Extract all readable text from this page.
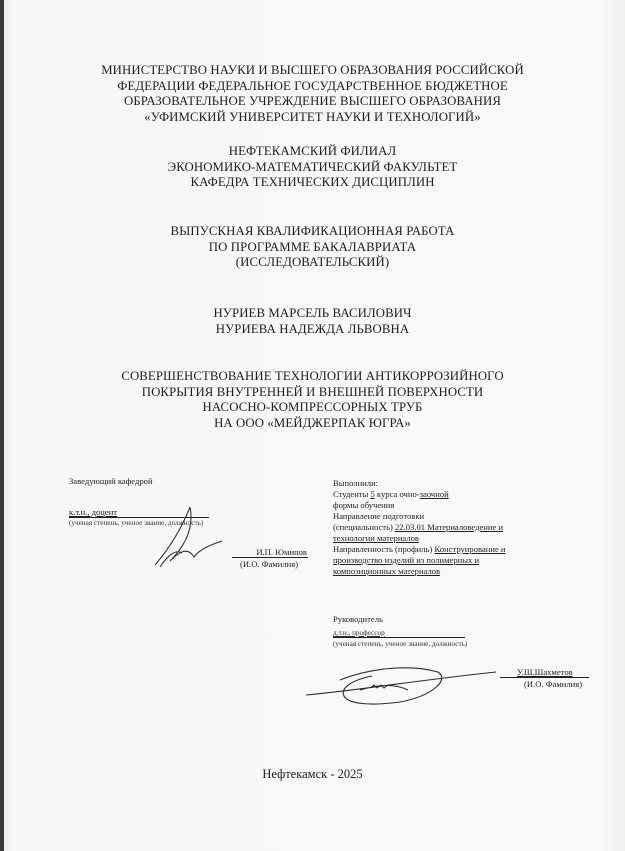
МИНИСТЕРСТВО НАУКИ И ВЫСШЕГО ОБРАЗОВАНИЯ РОССИЙСКОЙ
ФЕДЕРАЦИИ ФЕДЕРАЛЬНОЕ ГОСУДАРСТВЕННОЕ БЮДЖЕТНОЕ
ОБРАЗОВАТЕЛЬНОЕ УЧРЕЖДЕНИЕ ВЫСШЕГО ОБРАЗОВАНИЯ
«УФИМСКИЙ УНИВЕРСИТЕТ НАУКИ И ТЕХНОЛОГИЙ»
НЕФТЕКАМСКИЙ ФИЛИАЛ
ЭКОНОМИКО-МАТЕМАТИЧЕСКИЙ ФАКУЛЬТЕТ
КАФЕДРА ТЕХНИЧЕСКИХ ДИСЦИПЛИН
ВЫПУСКНАЯ КВАЛИФИКАЦИОННАЯ РАБОТА
ПО ПРОГРАММЕ БАКАЛАВРИАТА
(ИССЛЕДОВАТЕЛЬСКИЙ)
НУРИЕВ МАРСЕЛЬ ВАСИЛОВИЧ
НУРИЕВА НАДЕЖДА ЛЬВОВНА
СОВЕРШЕНСТВОВАНИЕ ТЕХНОЛОГИИ АНТИКОРРОЗИЙНОГО
ПОКРЫТИЯ ВНУТРЕННЕЙ И ВНЕШНЕЙ ПОВЕРХНОСТИ
НАСОСНО-КОМПРЕССОРНЫХ ТРУБ
НА ООО «МЕЙДЖЕРПАК ЮГРА»
Заведующий кафедрой
к.т.н., доцент
(ученая степень, ученое звание, должность)
И.П. Юминов
(И.О. Фамилия)
Выполнили:
Студенты 5 курса очно-заочной
формы обучения
Направление подготовки
(специальность) 22.03.01 Материаловедение и
технологии материалов
Направленность (профиль) Конструирование и
производство изделий из полимерных и
композиционных материалов
Руководитель
д.т.н., профессор
(ученая степень, ученое звание, должность)
У.Ш.Шахметов
(И.О. Фамилия)
Нефтекамск - 2025
